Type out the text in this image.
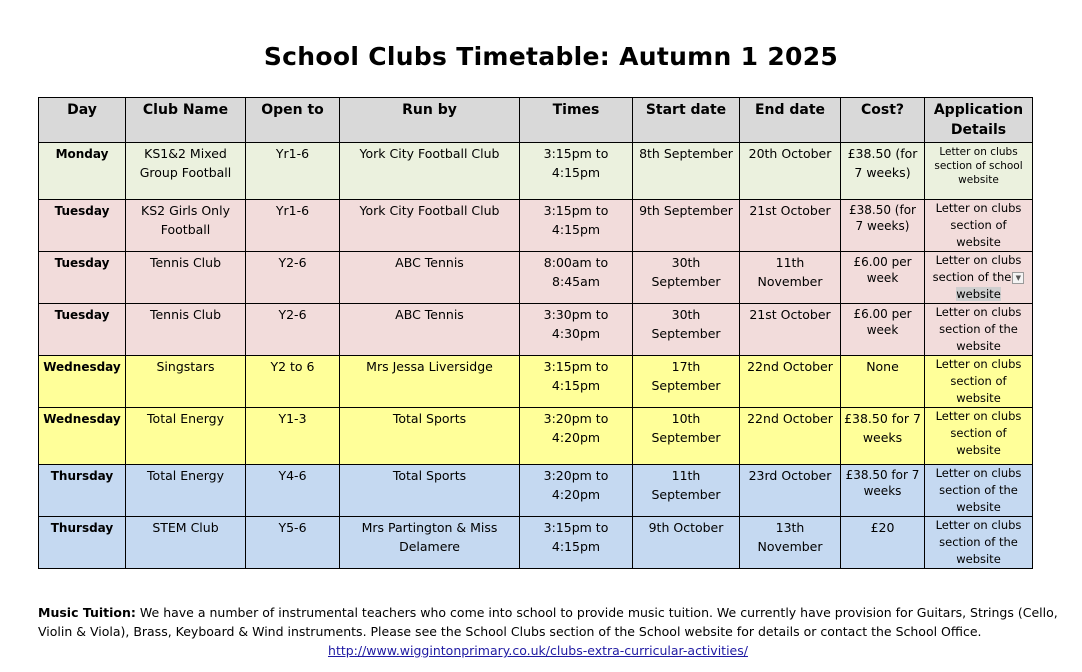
School Clubs Timetable: Autumn 1 2025
Day	Club Name	Open to	Run by	Times	Start date	End date	Cost?	Application Details
Monday	KS1&2 Mixed Group Football	Yr1-6	York City Football Club	3:15pm to 4:15pm	8th September	20th October	£38.50 (for 7 weeks)	Letter on clubs section of school website
Tuesday	KS2 Girls Only Football	Yr1-6	York City Football Club	3:15pm to 4:15pm	9th September	21st October	£38.50 (for 7 weeks)	Letter on clubs section of website
Tuesday	Tennis Club	Y2-6	ABC Tennis	8:00am to 8:45am	30th September	11th November	£6.00 per week	Letter on clubs section of the ▼ website
Tuesday	Tennis Club	Y2-6	ABC Tennis	3:30pm to 4:30pm	30th September	21st October	£6.00 per week	Letter on clubs section of the website
Wednesday	Singstars	Y2 to 6	Mrs Jessa Liversidge	3:15pm to 4:15pm	17th September	22nd October	None	Letter on clubs section of website
Wednesday	Total Energy	Y1-3	Total Sports	3:20pm to 4:20pm	10th September	22nd October	£38.50 for 7 weeks	Letter on clubs section of website
Thursday	Total Energy	Y4-6	Total Sports	3:20pm to 4:20pm	11th September	23rd October	£38.50 for 7 weeks	Letter on clubs section of the website
Thursday	STEM Club	Y5-6	Mrs Partington & Miss Delamere	3:15pm to 4:15pm	9th October	13th November	£20	Letter on clubs section of the website
Music Tuition: We have a number of instrumental teachers who come into school to provide music tuition. We currently have provision for Guitars, Strings (Cello, Violin & Viola), Brass, Keyboard & Wind instruments. Please see the School Clubs section of the School website for details or contact the School Office.
http://www.wiggintonprimary.co.uk/clubs-extra-curricular-activities/
